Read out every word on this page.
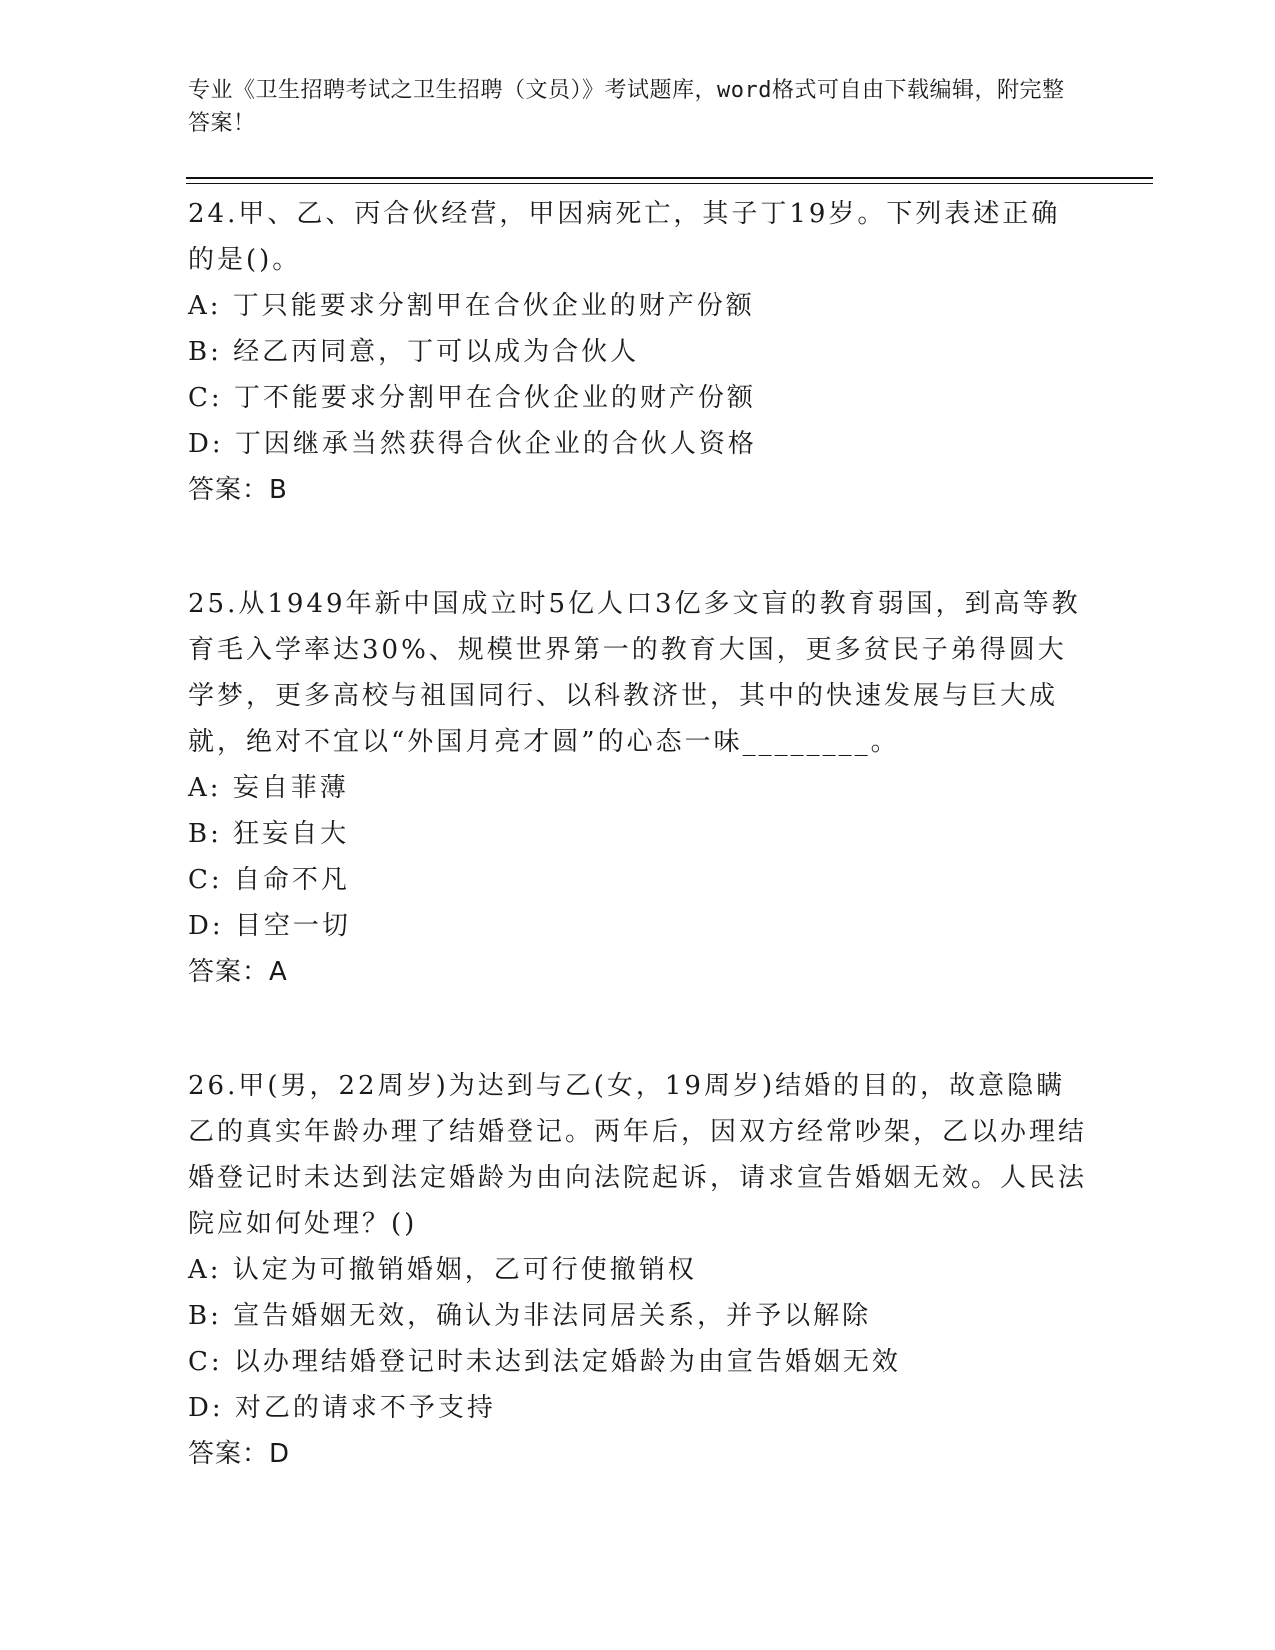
专业《卫生招聘考试之卫生招聘（文员）》考试题库，word格式可自由下载编辑，附完整答案！

24.甲、乙、丙合伙经营，甲因病死亡，其子丁19岁。下列表述正确的是()。

A: 丁只能要求分割甲在合伙企业的财产份额

B: 经乙丙同意，丁可以成为合伙人

C: 丁不能要求分割甲在合伙企业的财产份额

D: 丁因继承当然获得合伙企业的合伙人资格

答案：B

25.从1949年新中国成立时5亿人口3亿多文盲的教育弱国，到高等教育毛入学率达30%、规模世界第一的教育大国，更多贫民子弟得圆大学梦，更多高校与祖国同行、以科教济世，其中的快速发展与巨大成就，绝对不宜以“外国月亮才圆”的心态一味________。

A: 妄自菲薄

B: 狂妄自大

C: 自命不凡

D: 目空一切

答案：A

26.甲(男，22周岁)为达到与乙(女，19周岁)结婚的目的，故意隐瞒乙的真实年龄办理了结婚登记。两年后，因双方经常吵架，乙以办理结婚登记时未达到法定婚龄为由向法院起诉，请求宣告婚姻无效。人民法院应如何处理？()

A: 认定为可撤销婚姻，乙可行使撤销权

B: 宣告婚姻无效，确认为非法同居关系，并予以解除

C: 以办理结婚登记时未达到法定婚龄为由宣告婚姻无效

D: 对乙的请求不予支持

答案：D
